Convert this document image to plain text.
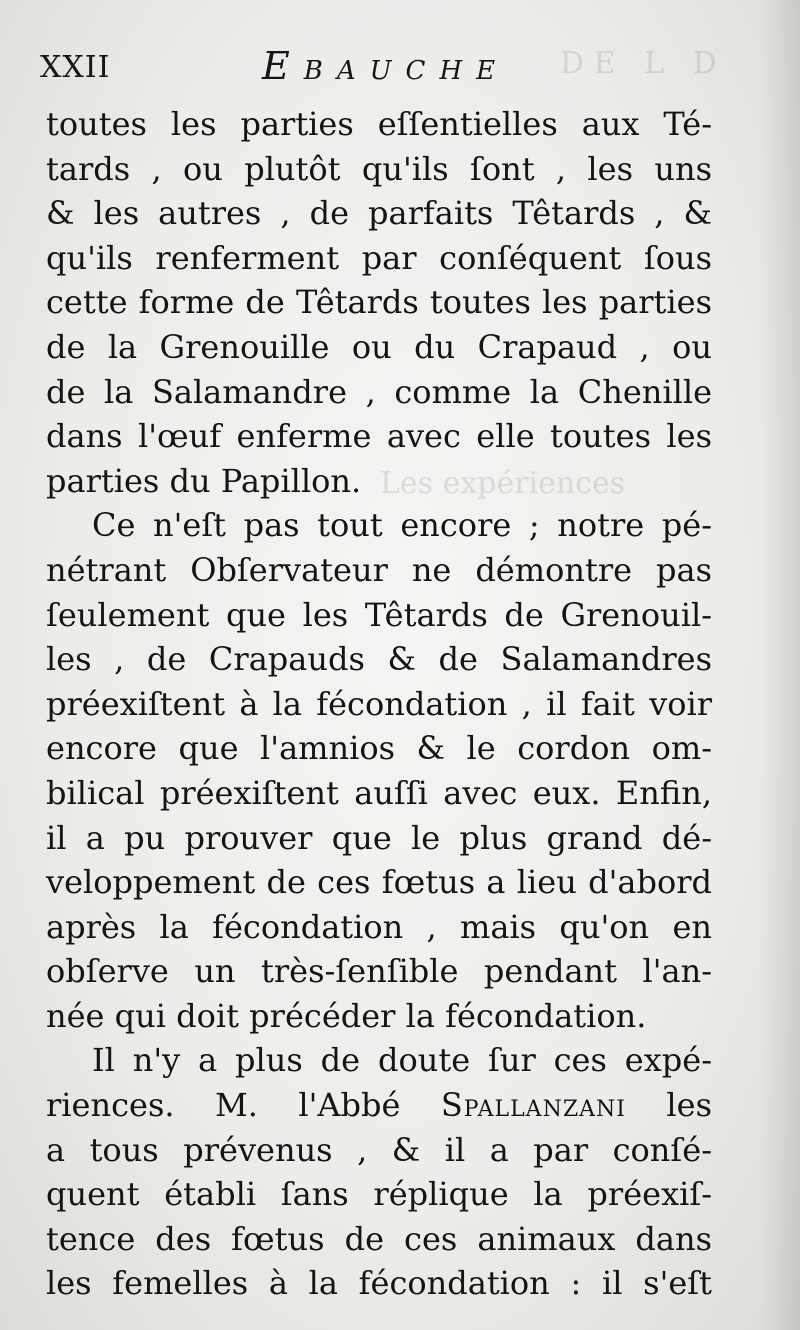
D E   L   D
Les expériences
XXII	EBAUCHE
toutes les parties eſſentielles aux Té-
tards , ou plutôt qu'ils ſont , les uns
& les autres , de parfaits Têtards , &
qu'ils renferment par conſéquent ſous
cette forme de Têtards toutes les parties
de la Grenouille ou du Crapaud , ou
de la Salamandre , comme la Chenille
dans l'œuf enferme avec elle toutes les
parties du Papillon.
Ce n'eſt pas tout encore ; notre pé-
nétrant Obſervateur ne démontre pas
ſeulement que les Têtards de Grenouil-
les , de Crapauds & de Salamandres
préexiſtent à la fécondation , il fait voir
encore que l'amnios & le cordon om-
bilical préexiſtent auſſi avec eux. Enfin,
il a pu prouver que le plus grand dé-
veloppement de ces fœtus a lieu d'abord
après la fécondation , mais qu'on en
obſerve un très-ſenſible pendant l'an-
née qui doit précéder la fécondation.
Il n'y a plus de doute ſur ces expé-
riences. M. l'Abbé Spallanzani les
a tous prévenus , & il a par conſé-
quent établi ſans réplique la préexiſ-
tence des fœtus de ces animaux dans
les femelles à la fécondation : il s'eſt
